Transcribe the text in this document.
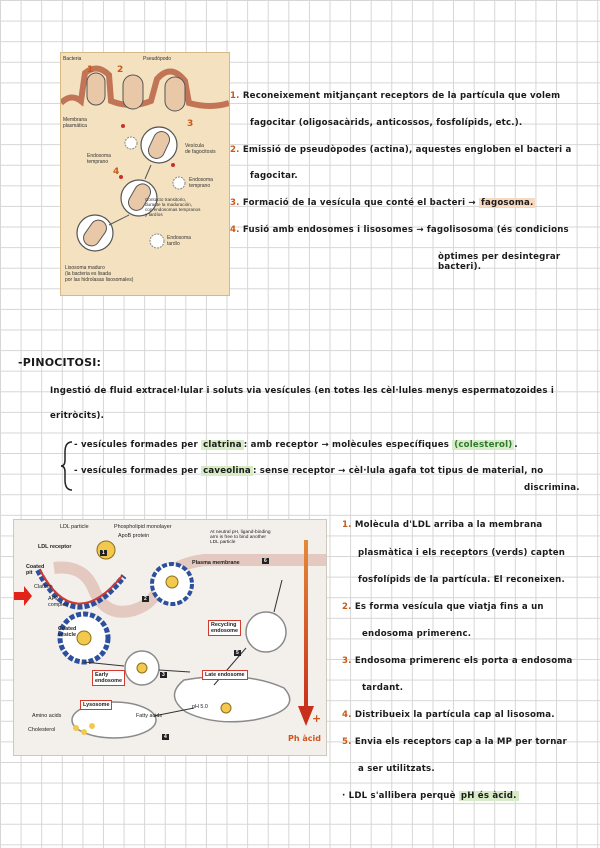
Bacteria	Pseudòpodo
Membrana
plasmática
Vesícula
de fagocitosis
Endosoma
temprano
Endosoma
temprano
Contacto transitorio,
durante la maduración,
con endosomas tempranos
y tardíos
Endosoma
tardío
Lisosoma maduro
(la bacteria es lisada
por las hidrolasas lisosomales)
1	2
3
4
1. Reconeixement mitjançant receptors de la partícula que volem
fagocitar (oligosacàrids, anticossos, fosfolípids, etc.).
2. Emissió de pseudòpodes (actina), aquestes engloben el bacteri a
fagocitar.
3. Formació de la vesícula que conté el bacteri → fagosoma.
4. Fusió amb endosomes i lisosomes → fagolisosoma (és condicions
òptimes per desintegrar bacteri).
-PINOCITOSI:
Ingestió de fluid extracel·lular i soluts via vesícules (en totes les cèl·lules menys espermatozoides i
eritròcits).
- vesícules formades per clatrina : amb receptor → molècules específiques (colesterol) .
- vesícules formades per caveolina : sense receptor → cèl·lula agafa tot tipus de material, no
discrimina.
LDL particle	Phospholipid monolayer
ApoB protein
LDL receptor
Coated
pit
Clathrin
AP2
complex
Coated
vesicle
Plasma membrane
At neutral pH, ligand-binding
arm is free to bind another
LDL particle
Recycling
endosome
Early
endosome
Late endosome
Lysosome
Amino acids	Fatty acids
Cholesterol
pH 5.0
1
2
3
4
5
6
+
Ph àcid
1. Molècula d'LDL arriba a la membrana
plasmàtica i els receptors (verds) capten
fosfolípids de la partícula. El reconeixen.
2. Es forma vesícula que viatja fins a un
endosoma primerenc.
3. Endosoma primerenc els porta a endosoma
tardant.
4. Distribueix la partícula cap al lisosoma.
5. Envia els receptors cap a la MP per tornar
a ser utilitzats.
· LDL s'allibera perquè pH és àcid.
